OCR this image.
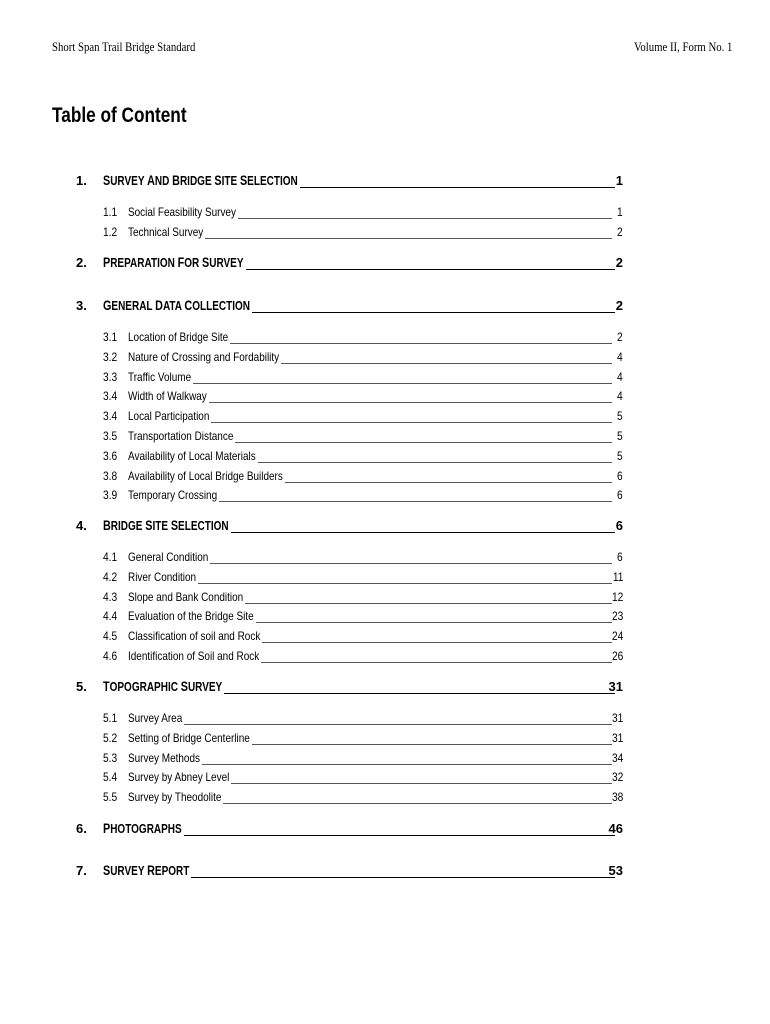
Short Span Trail Bridge Standard	Volume II, Form No. 1
Table of Content
1. SURVEY AND BRIDGE SITE SELECTION	1
1.1 Social Feasibility Survey	1
1.2 Technical Survey	2
2. PREPARATION FOR SURVEY	2
3. GENERAL DATA COLLECTION	2
3.1 Location of Bridge Site	2
3.2 Nature of Crossing and Fordability	4
3.3 Traffic Volume	4
3.4 Width of Walkway	4
3.4 Local Participation	5
3.5 Transportation Distance	5
3.6 Availability of Local Materials	5
3.8 Availability of Local Bridge Builders	6
3.9 Temporary Crossing	6
4. BRIDGE SITE SELECTION	6
4.1 General Condition	6
4.2 River Condition	11
4.3 Slope and Bank Condition	12
4.4 Evaluation of the Bridge Site	23
4.5 Classification of soil and Rock	24
4.6 Identification of Soil and Rock	26
5. TOPOGRAPHIC SURVEY	31
5.1 Survey Area	31
5.2 Setting of Bridge Centerline	31
5.3 Survey Methods	34
5.4 Survey by Abney Level	32
5.5 Survey by Theodolite	38
6. PHOTOGRAPHS	46
7. SURVEY REPORT	53
